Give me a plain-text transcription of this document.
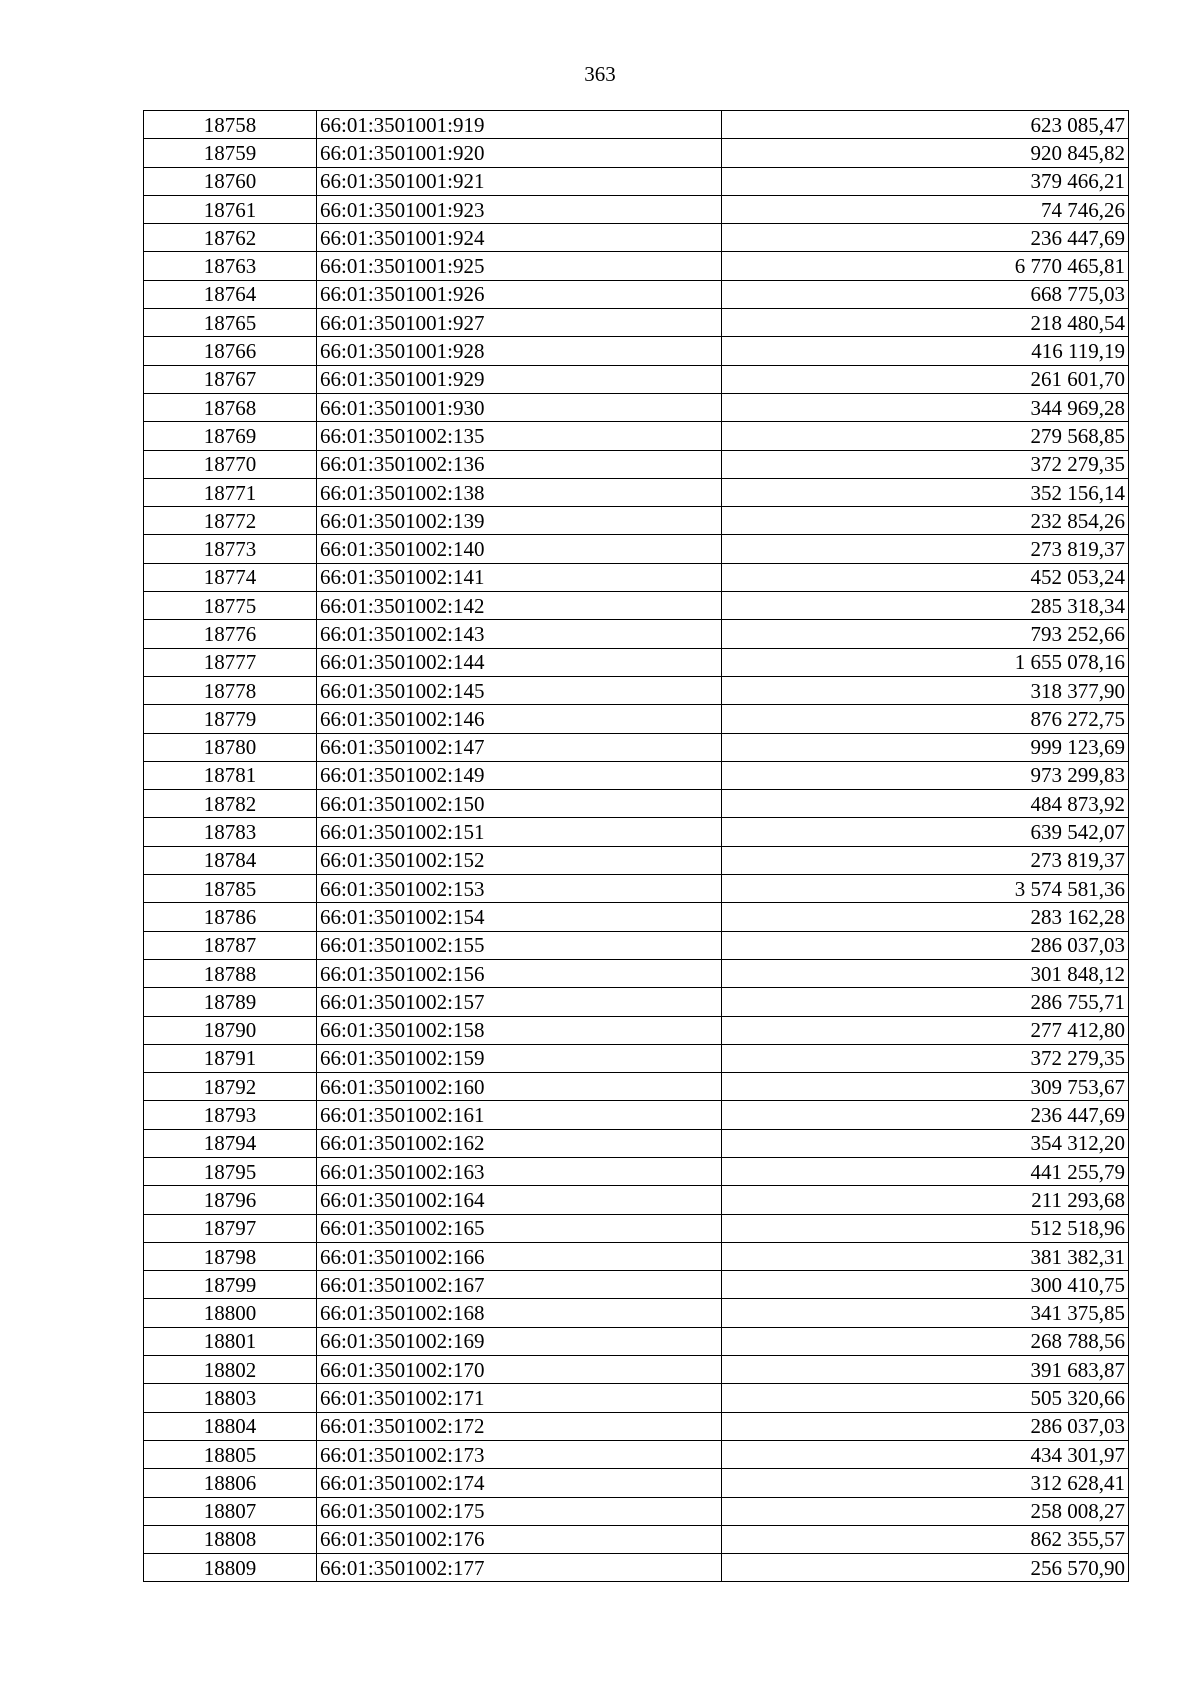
363
18758	66:01:3501001:919	623 085,47
18759	66:01:3501001:920	920 845,82
18760	66:01:3501001:921	379 466,21
18761	66:01:3501001:923	74 746,26
18762	66:01:3501001:924	236 447,69
18763	66:01:3501001:925	6 770 465,81
18764	66:01:3501001:926	668 775,03
18765	66:01:3501001:927	218 480,54
18766	66:01:3501001:928	416 119,19
18767	66:01:3501001:929	261 601,70
18768	66:01:3501001:930	344 969,28
18769	66:01:3501002:135	279 568,85
18770	66:01:3501002:136	372 279,35
18771	66:01:3501002:138	352 156,14
18772	66:01:3501002:139	232 854,26
18773	66:01:3501002:140	273 819,37
18774	66:01:3501002:141	452 053,24
18775	66:01:3501002:142	285 318,34
18776	66:01:3501002:143	793 252,66
18777	66:01:3501002:144	1 655 078,16
18778	66:01:3501002:145	318 377,90
18779	66:01:3501002:146	876 272,75
18780	66:01:3501002:147	999 123,69
18781	66:01:3501002:149	973 299,83
18782	66:01:3501002:150	484 873,92
18783	66:01:3501002:151	639 542,07
18784	66:01:3501002:152	273 819,37
18785	66:01:3501002:153	3 574 581,36
18786	66:01:3501002:154	283 162,28
18787	66:01:3501002:155	286 037,03
18788	66:01:3501002:156	301 848,12
18789	66:01:3501002:157	286 755,71
18790	66:01:3501002:158	277 412,80
18791	66:01:3501002:159	372 279,35
18792	66:01:3501002:160	309 753,67
18793	66:01:3501002:161	236 447,69
18794	66:01:3501002:162	354 312,20
18795	66:01:3501002:163	441 255,79
18796	66:01:3501002:164	211 293,68
18797	66:01:3501002:165	512 518,96
18798	66:01:3501002:166	381 382,31
18799	66:01:3501002:167	300 410,75
18800	66:01:3501002:168	341 375,85
18801	66:01:3501002:169	268 788,56
18802	66:01:3501002:170	391 683,87
18803	66:01:3501002:171	505 320,66
18804	66:01:3501002:172	286 037,03
18805	66:01:3501002:173	434 301,97
18806	66:01:3501002:174	312 628,41
18807	66:01:3501002:175	258 008,27
18808	66:01:3501002:176	862 355,57
18809	66:01:3501002:177	256 570,90
